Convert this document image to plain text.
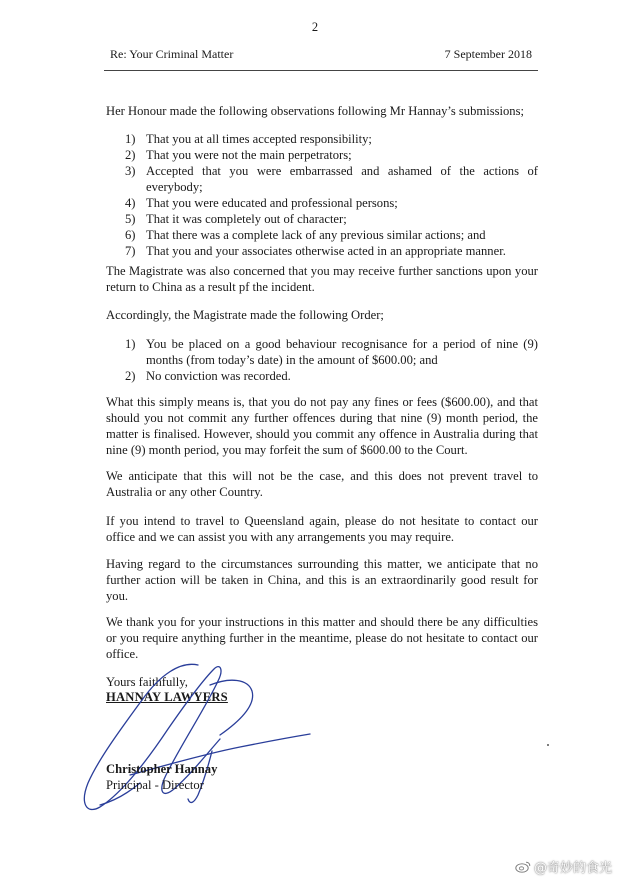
2
Re: Your Criminal Matter	7 September 2018
Her Honour made the following observations following Mr Hannay’s submissions;
1) That you at all times accepted responsibility;
2) That you were not the main perpetrators;
3) Accepted that you were embarrassed and ashamed of the actions of everybody;
4) That you were educated and professional persons;
5) That it was completely out of character;
6) That there was a complete lack of any previous similar actions; and
7) That you and your associates otherwise acted in an appropriate manner.
The Magistrate was also concerned that you may receive further sanctions upon your return to China as a result pf the incident.
Accordingly, the Magistrate made the following Order;
1) You be placed on a good behaviour recognisance for a period of nine (9) months (from today’s date) in the amount of $600.00; and
2) No conviction was recorded.
What this simply means is, that you do not pay any fines or fees ($600.00), and that should you not commit any further offences during that nine (9) month period, the matter is finalised. However, should you commit any offence in Australia during that nine (9) month period, you may forfeit the sum of $600.00 to the Court.
We anticipate that this will not be the case, and this does not prevent travel to Australia or any other Country.
If you intend to travel to Queensland again, please do not hesitate to contact our office and we can assist you with any arrangements you may require.
Having regard to the circumstances surrounding this matter, we anticipate that no further action will be taken in China, and this is an extraordinarily good result for you.
We thank you for your instructions in this matter and should there be any difficulties or you require anything further in the meantime, please do not hesitate to contact our office.
Yours faithfully,
HANNAY LAWYERS
Christopher Hannay
Principal - Director
@奇妙的食光
